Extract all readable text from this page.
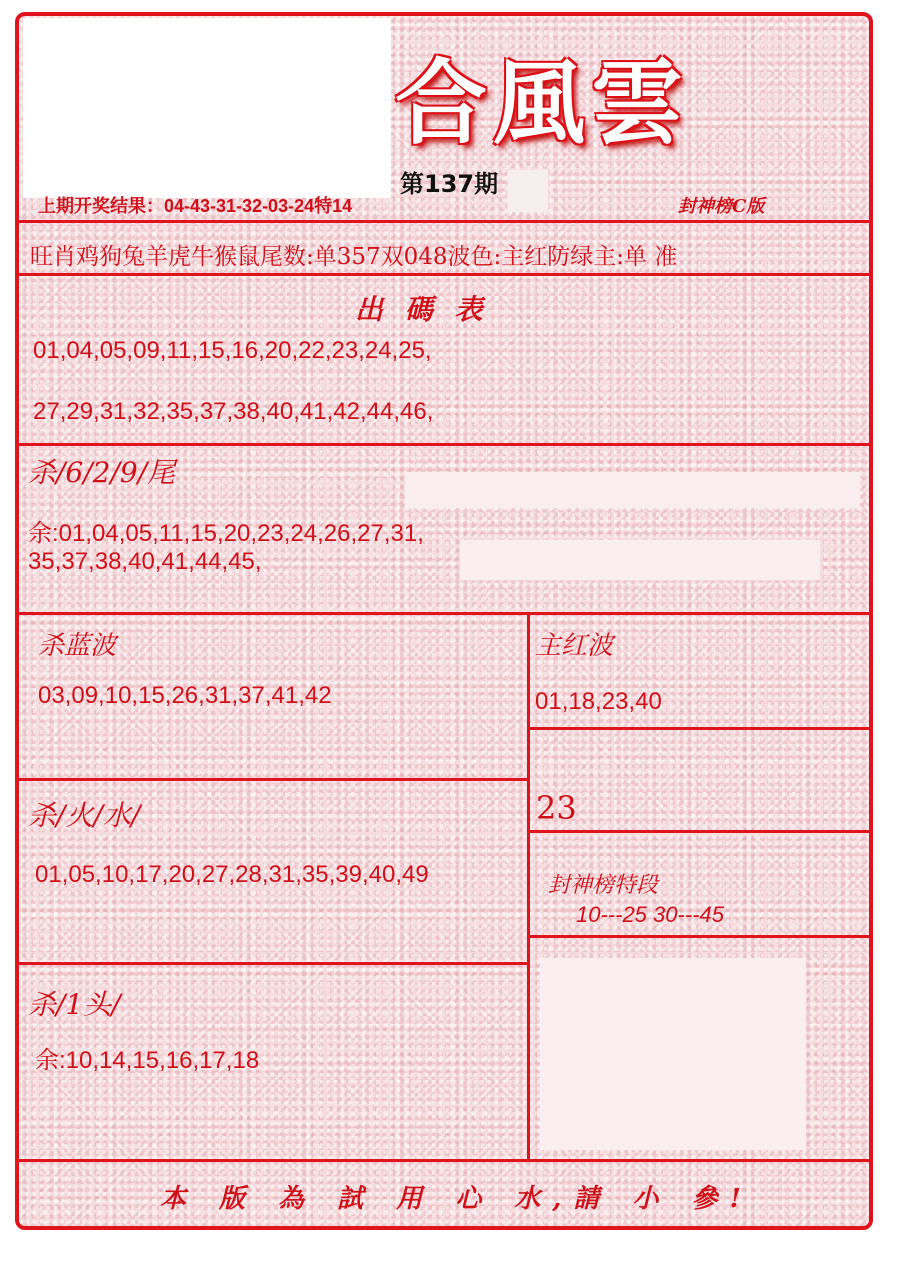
合風雲
第137期
上期开奖结果：04-43-31-32-03-24特14	封神榜C版
旺肖鸡狗兔羊虎牛猴鼠尾数:单357双048波色:主红防绿主:单 准
出 碼 表
01,04,05,09,11,15,16,20,22,23,24,25,
27,29,31,32,35,37,38,40,41,42,44,46,
杀/6/2/9/尾
余:01,04,05,11,15,20,23,24,26,27,31,
35,37,38,40,41,44,45,
杀蓝波
03,09,10,15,26,31,37,41,42
主红波
01,18,23,40
23
杀/火/水/
01,05,10,17,20,27,28,31,35,39,40,49	封神榜特段
10---25 30---45
杀/1头/
余:10,14,15,16,17,18
本 版 為 試 用 心 水,請 小 參!
